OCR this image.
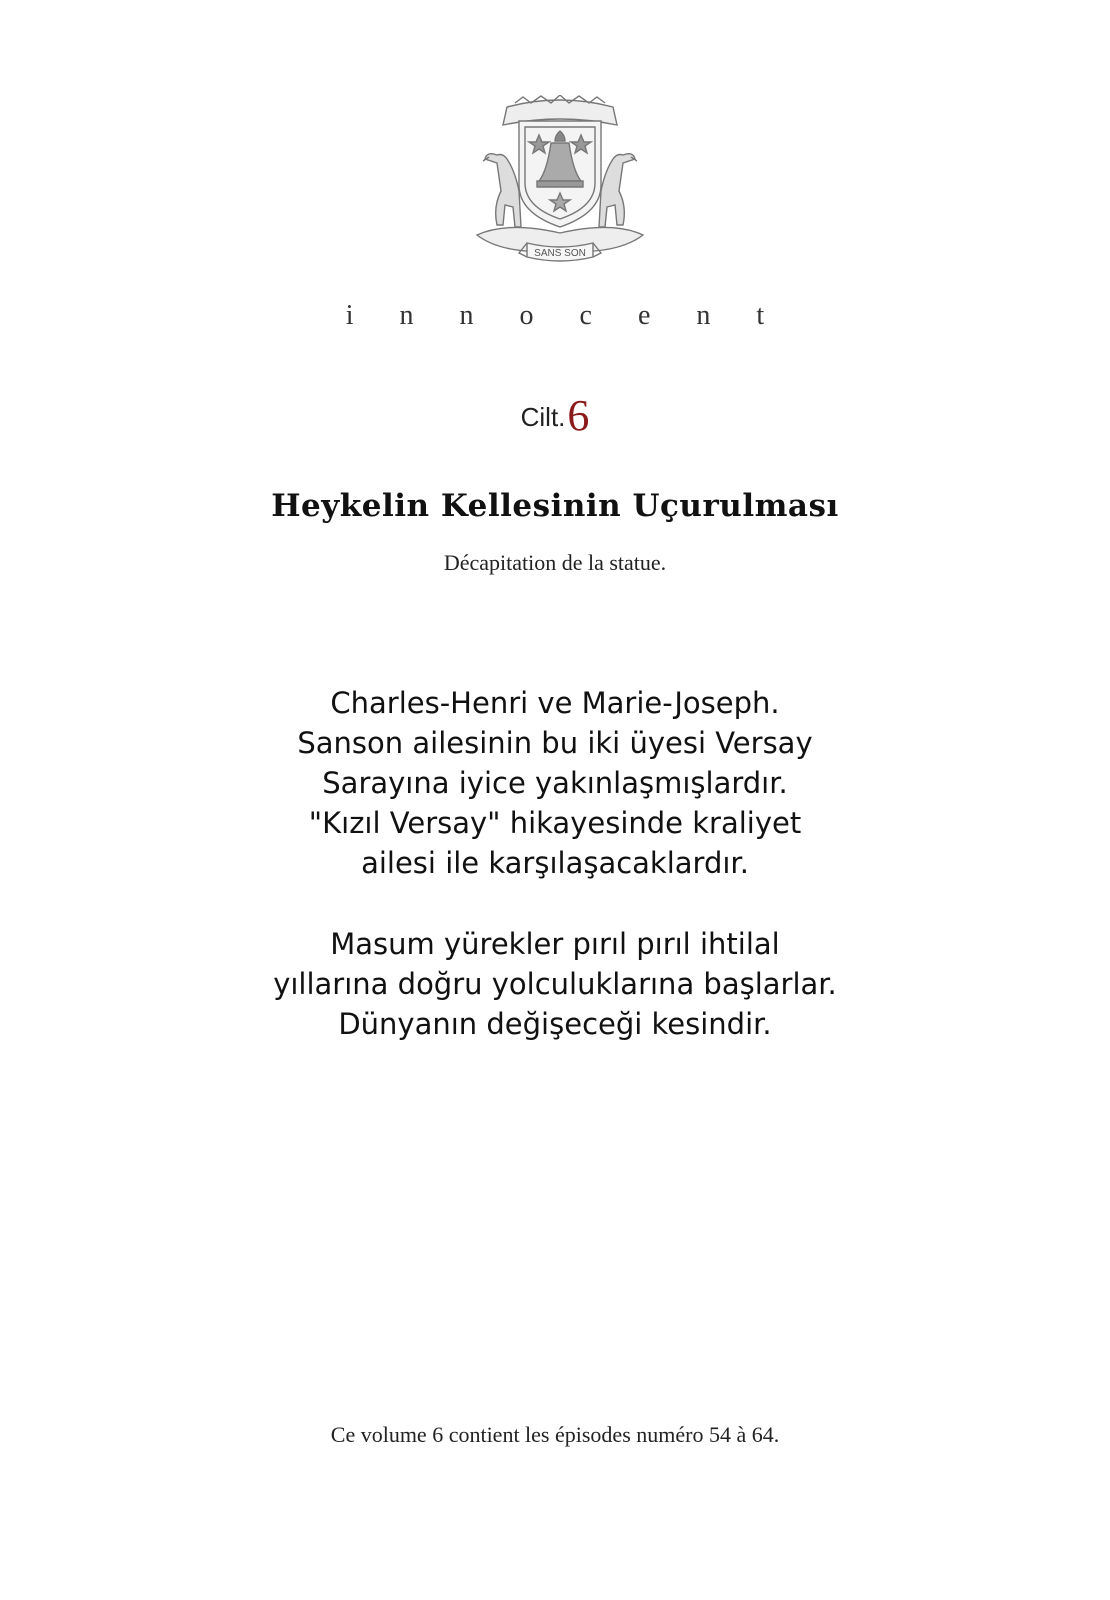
SANS SON
innocent
Cilt.6
Heykelin Kellesinin Uçurulması
Décapitation de la statue.

Charles-Henri ve Marie-Joseph.

Sanson ailesinin bu iki üyesi Versay

Sarayına iyice yakınlaşmışlardır.

"Kızıl Versay" hikayesinde kraliyet

ailesi ile karşılaşacaklardır.

Masum yürekler pırıl pırıl ihtilal

yıllarına doğru yolculuklarına başlarlar.

Dünyanın değişeceği kesindir.

Ce volume 6 contient les épisodes numéro 54 à 64.
